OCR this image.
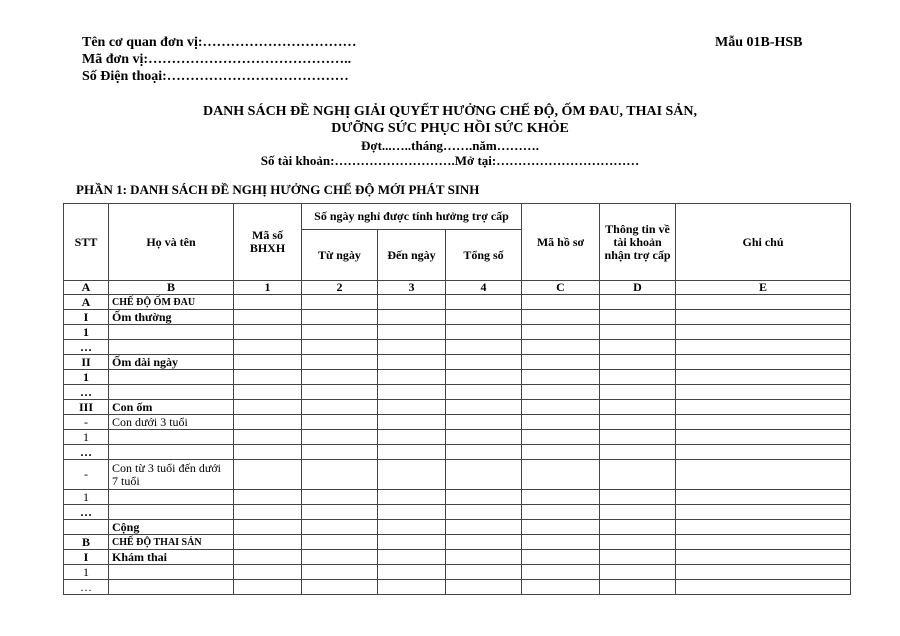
Tên cơ quan đơn vị:……………………………	Mẫu 01B-HSB
Mã đơn vị:……………………………………..
Số Điện thoại:…………………………………
DANH SÁCH ĐỀ NGHỊ GIẢI QUYẾT HƯỞNG CHẾ ĐỘ, ỐM ĐAU, THAI SẢN,
DƯỠNG SỨC PHỤC HỒI SỨC KHỎE
Đợt...…..tháng…….năm……….
Số tài khoản:……………………….Mở tại:……………………………
PHẦN 1: DANH SÁCH ĐỀ NGHỊ HƯỞNG CHẾ ĐỘ MỚI PHÁT SINH
STT	Họ và tên	Mã số BHXH	Số ngày nghỉ được tính hưởng trợ cấp			Mã hồ sơ	Thông tin về tài khoản nhận trợ cấp	Ghi chú
			Từ ngày	Đến ngày	Tổng số			
A	B	1	2	3	4	C	D	E
A	CHẾ ĐỘ ỐM ĐAU							
I	Ốm thường							
1								
…								
II	Ốm dài ngày							
1								
…								
III	Con ốm							
-	Con dưới 3 tuổi							
1								
…								
-	Con từ 3 tuổi đến dưới 7 tuổi							
1								
…								
	Cộng							
B	CHẾ ĐỘ THAI SẢN							
I	Khám thai							
1								
…								
